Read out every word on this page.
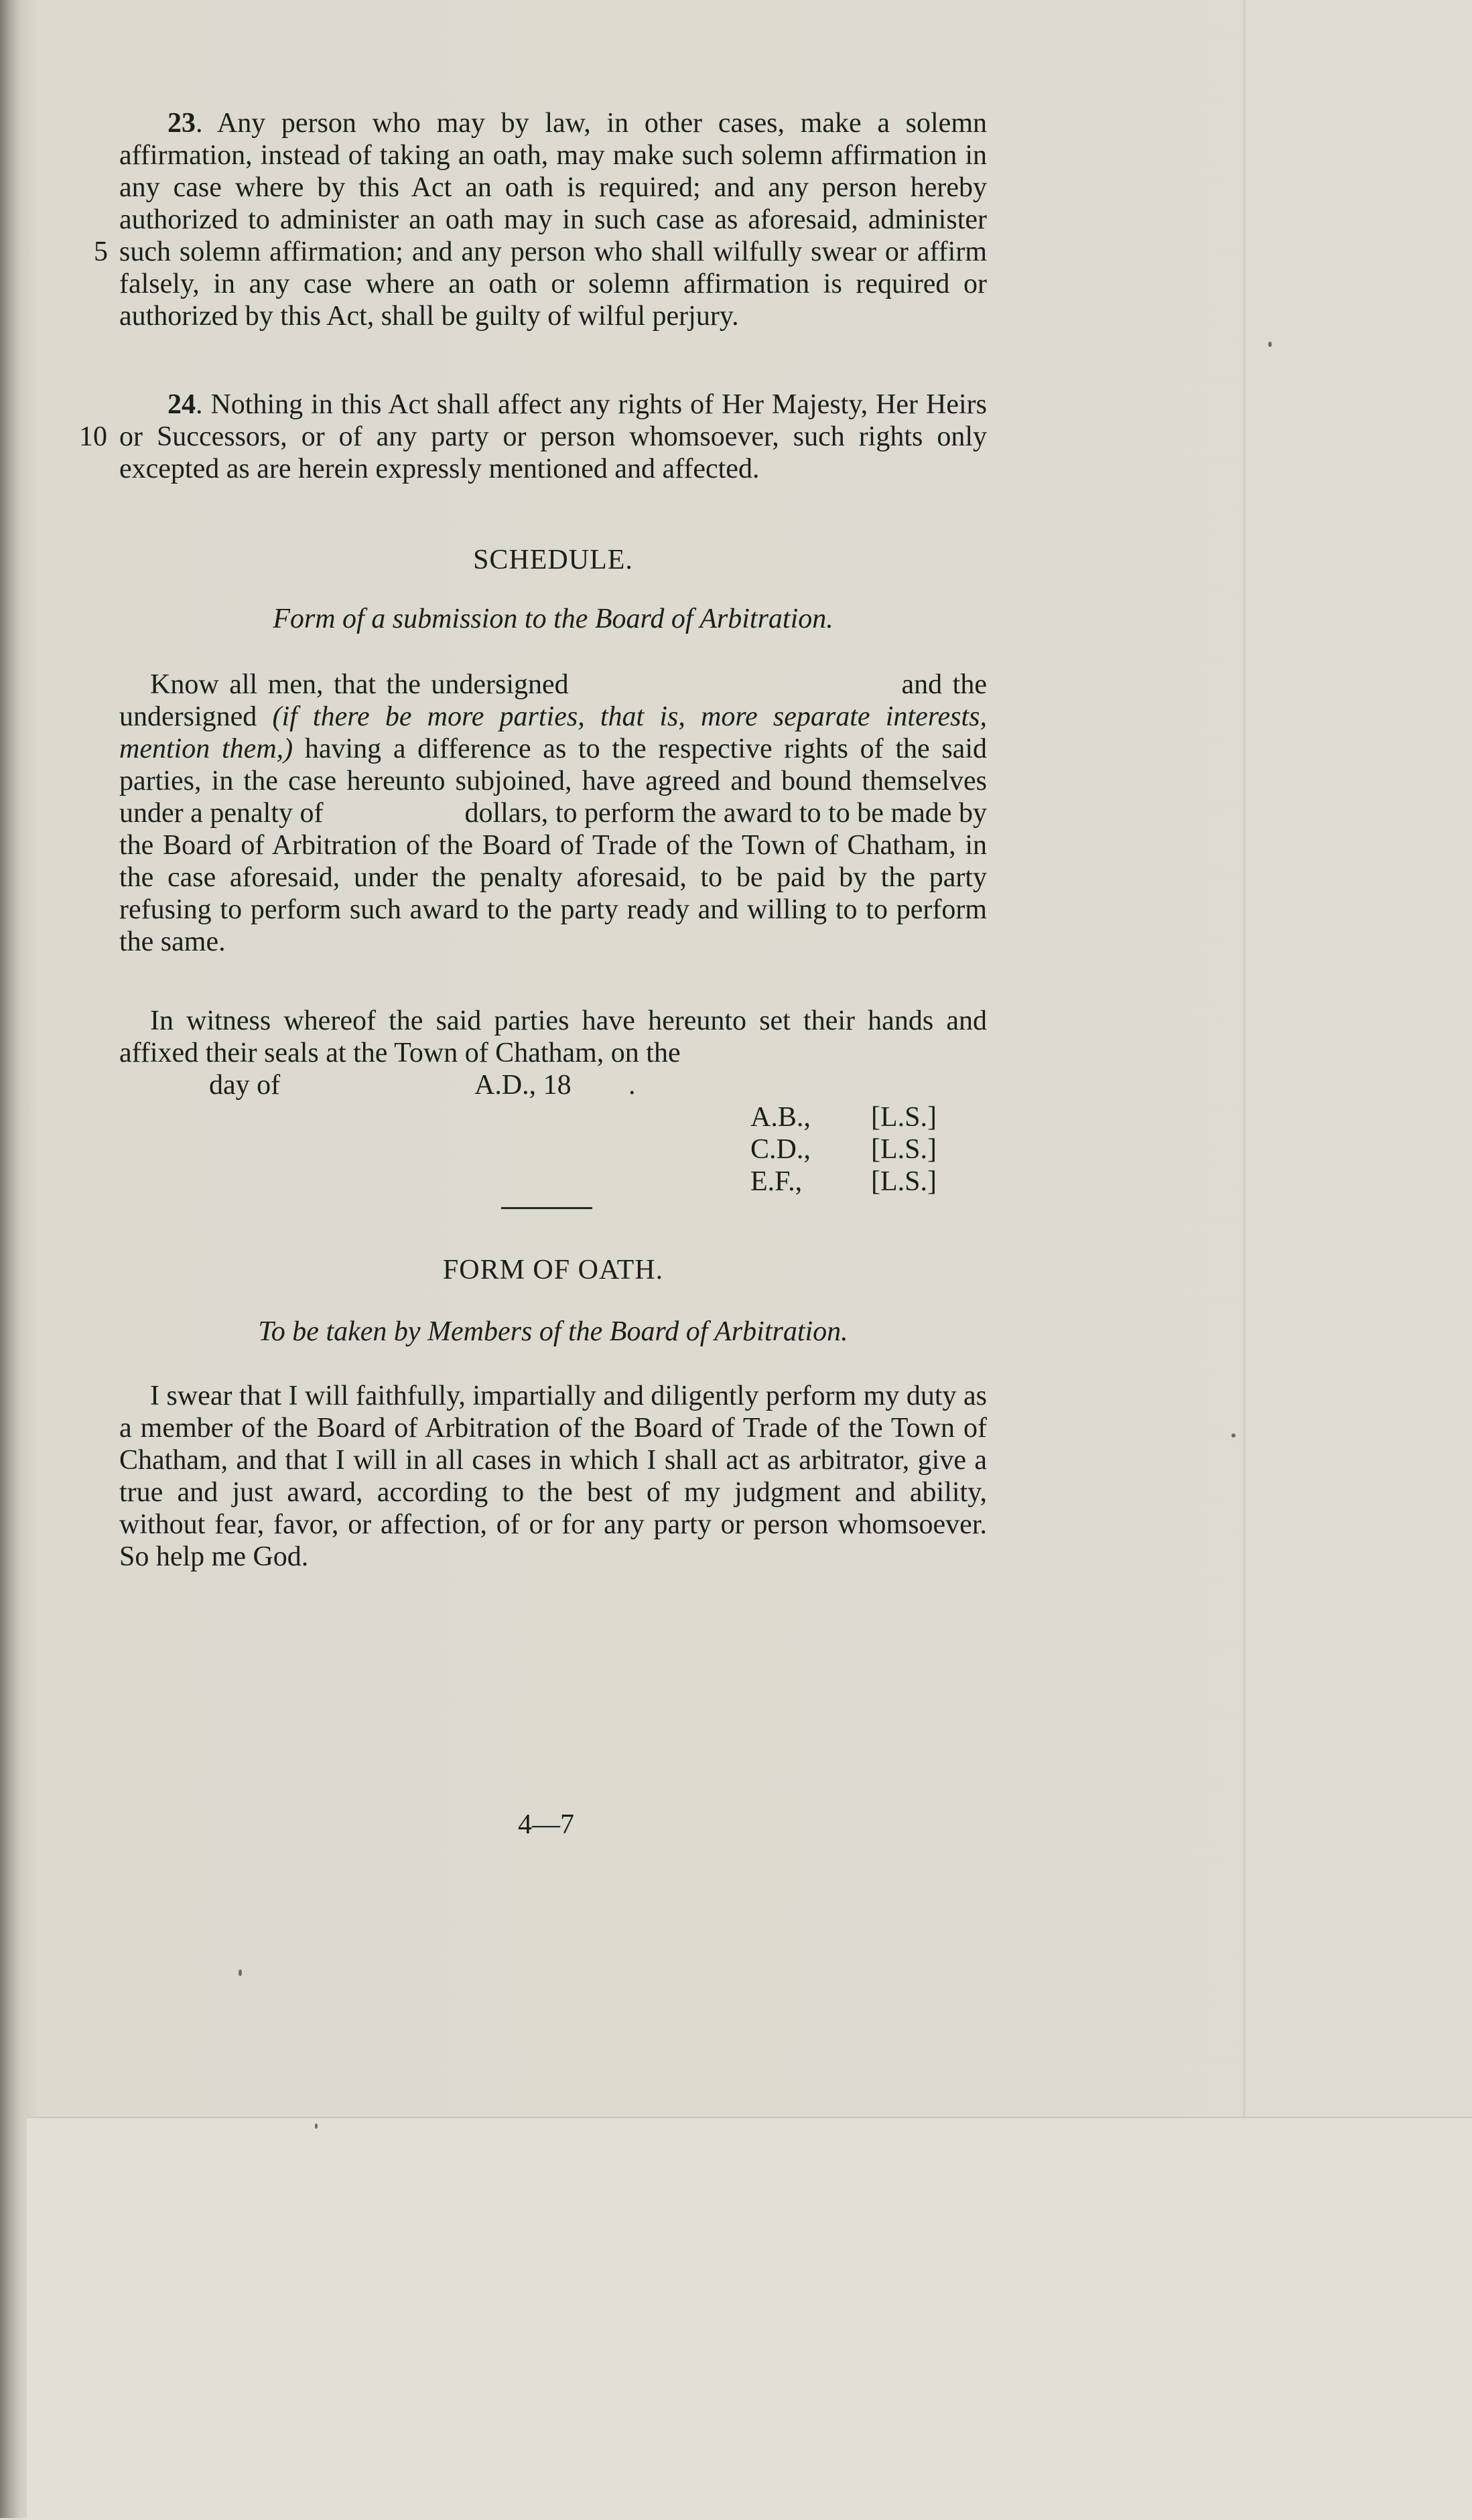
23. Any person who may by law, in other cases, make a solemn affirmation, instead of taking an oath, may make such solemn affirmation in any case where by this Act an oath is required; and any person hereby authorized to administer an oath may in such case as aforesaid, administer such solemn affirmation; and any person who shall wilfully swear or affirm falsely, in any case where an oath or solemn affirmation is required or authorized by this Act, shall be guilty of wilful perjury.
5
24. Nothing in this Act shall affect any rights of Her Majesty, Her Heirs or Successors, or of any party or person whomsoever, such rights only excepted as are herein expressly mentioned and affected.
10
SCHEDULE.
Form of a submission to the Board of Arbitration.
Know all men, that the undersigned                                and the undersigned (if there be more parties, that is, more separate interests, mention them,) having a difference as to the respective rights of the said parties, in the case hereunto subjoined, have agreed and bound themselves under a penalty of                    dollars, to perform the award to to be made by the Board of Arbitration of the Board of Trade of the Town of Chatham, in the case aforesaid, under the penalty aforesaid, to be paid by the party refusing to perform such award to the party ready and willing to to perform the same.
In witness whereof the said parties have hereunto set their hands and affixed their seals at the Town of Chatham, on the
day of	A.D., 18 .
A.B., [L.S.]
C.D., [L.S.]
E.F., [L.S.]
FORM OF OATH.
To be taken by Members of the Board of Arbitration.
I swear that I will faithfully, impartially and diligently perform my duty as a member of the Board of Arbitration of the Board of Trade of the Town of Chatham, and that I will in all cases in which I shall act as arbitrator, give a true and just award, according to the best of my judgment and ability, without fear, favor, or affection, of or for any party or person whomsoever. So help me God.
4—7
